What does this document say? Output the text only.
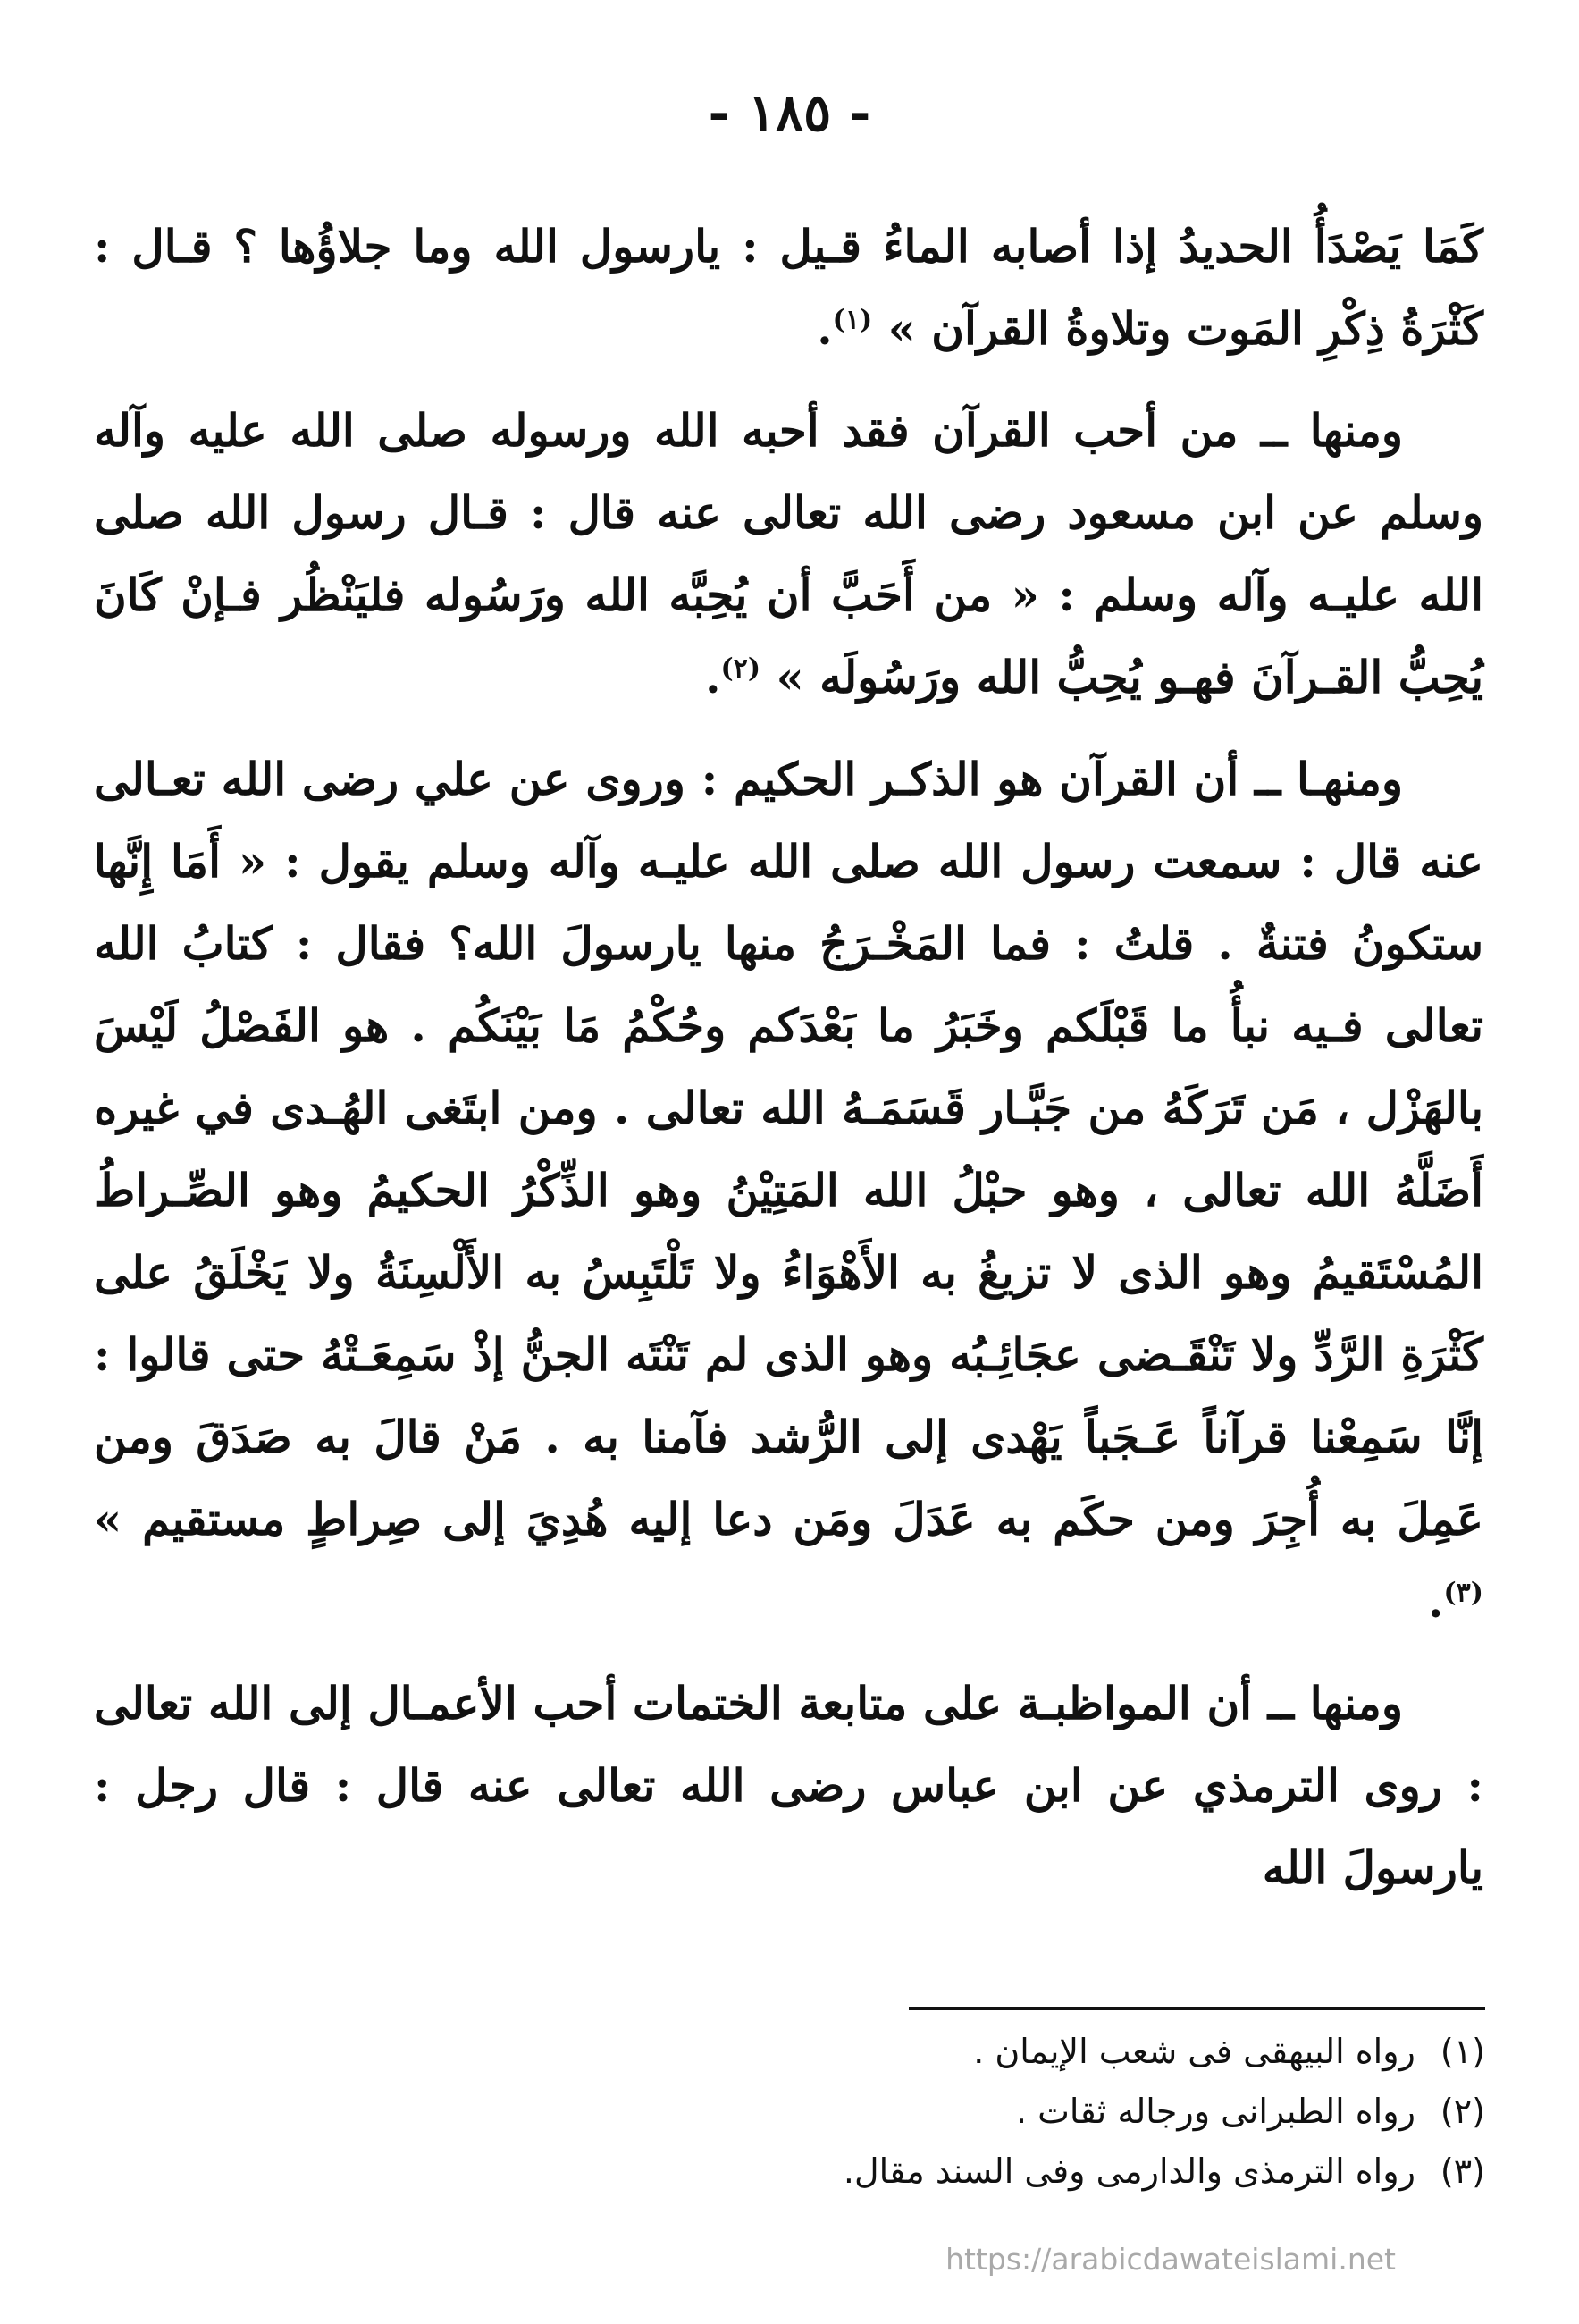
- ١٨٥ -

كَمَا يَصْدَأُ الحديدُ إذا أصابه الماءُ قـيل : يارسول الله وما جلاؤُها ؟ قـال : كَثْرَةُ ذِكْرِ المَوت وتلاوةُ القرآن » $^{(١)}$.

ومنها ــ من أحب القرآن فقد أحبه الله ورسوله صلى الله عليه وآله وسلم عن ابن مسعود رضى الله تعالى عنه قال : قـال رسول الله صلى الله عليـه وآله وسلم : « من أَحَبَّ أن يُحِبَّه الله ورَسُوله فليَنْظُر فـإنْ كَانَ يُحِبُّ القـرآنَ فهـو يُحِبُّ الله ورَسُولَه » $^{(٢)}$.

ومنهـا ــ أن القرآن هو الذكـر الحكيم : وروى عن علي رضى الله تعـالى عنه قال : سمعت رسول الله صلى الله عليـه وآله وسلم يقول : « أَمَا إِنَّها ستكونُ فتنةٌ . قلتُ : فما المَخْـرَجُ منها يارسولَ الله؟ فقال : كتابُ الله تعالى فـيه نبأُ ما قَبْلَكم وخَبَرُ ما بَعْدَكم وحُكْمُ مَا بَيْنَكُم . هو الفَصْلُ لَيْسَ بالهَزْل ، مَن تَرَكَهُ من جَبَّـار قَسَمَـهُ الله تعالى . ومن ابتَغى الهُـدى في غيره أَضَلَّهُ الله تعالى ، وهو حبْلُ الله المَتِيْنُ وهو الذِّكْرُ الحكيمُ وهو الصِّـراطُ المُسْتَقيمُ وهو الذى لا تزيغُ به الأَهْوَاءُ ولا تَلْتَبِسُ به الأَلْسِنَةُ ولا يَخْلَقُ على كَثْرَةِ الرَّدِّ ولا تَنْقَـضى عجَائِـبُه وهو الذى لم تَنْتَه الجنُّ إذْ سَمِعَـتْهُ حتى قالوا : إنَّا سَمِعْنا قرآناً عَـجَباً يَهْدى إلى الرُّشد فآمنا به . مَنْ قالَ به صَدَقَ ومن عَمِلَ به أُجِرَ ومن حكَم به عَدَلَ ومَن دعا إليه هُدِيَ إلى صِراطٍ مستقيم » $^{(٣)}$.

ومنها ــ أن المواظبـة على متابعة الختمات أحب الأعمـال إلى الله تعالى : روى الترمذي عن ابن عباس رضى الله تعالى عنه قال : قال رجل : يارسولَ الله

(١)رواه البيهقى فى شعب الإيمان .
(٢)رواه الطبرانى ورجاله ثقات .
(٣)رواه الترمذى والدارمى وفى السند مقال.
https://arabicdawateislami.net
